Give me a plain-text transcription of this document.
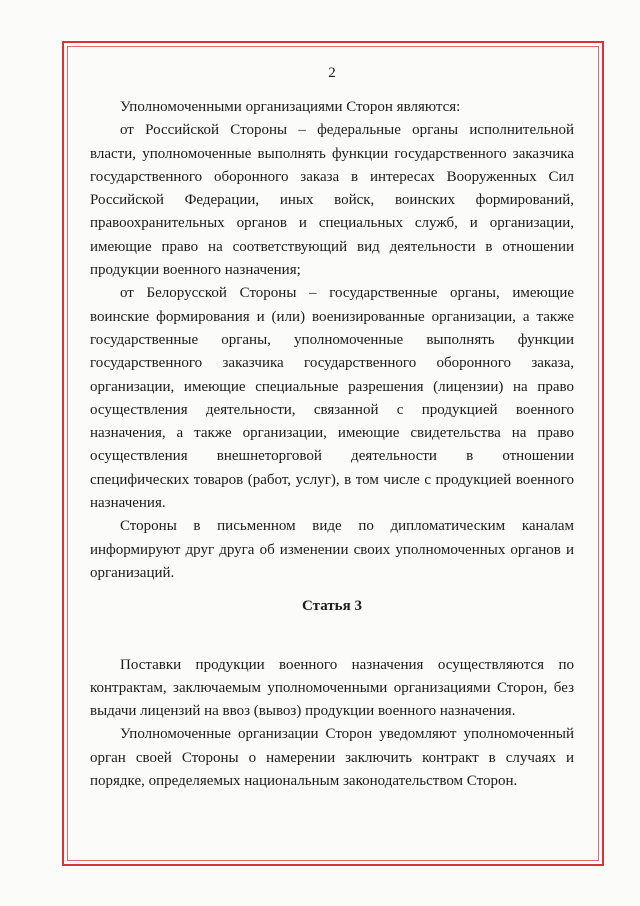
2

Уполномоченными организациями Сторон являются:

от Российской Стороны – федеральные органы исполнительной власти, уполномоченные выполнять функции государственного заказчика государственного оборонного заказа в интересах Вооруженных Сил Российской Федерации, иных войск, воинских формирований, правоохранительных органов и специальных служб, и организации, имеющие право на соответствующий вид деятельности в отношении продукции военного назначения;

от Белорусской Стороны – государственные органы, имеющие воинские формирования и (или) военизированные организации, а также государственные органы, уполномоченные выполнять функции государственного заказчика государственного оборонного заказа, организации, имеющие специальные разрешения (лицензии) на право осуществления деятельности, связанной с продукцией военного назначения, а также организации, имеющие свидетельства на право осуществления внешнеторговой деятельности в отношении специфических товаров (работ, услуг), в том числе с продукцией военного назначения.

Стороны в письменном виде по дипломатическим каналам информируют друг друга об изменении своих уполномоченных органов и организаций.

Статья 3

Поставки продукции военного назначения осуществляются по контрактам, заключаемым уполномоченными организациями Сторон, без выдачи лицензий на ввоз (вывоз) продукции военного назначения.

Уполномоченные организации Сторон уведомляют уполномоченный орган своей Стороны о намерении заключить контракт в случаях и порядке, определяемых национальным законодательством Сторон.
